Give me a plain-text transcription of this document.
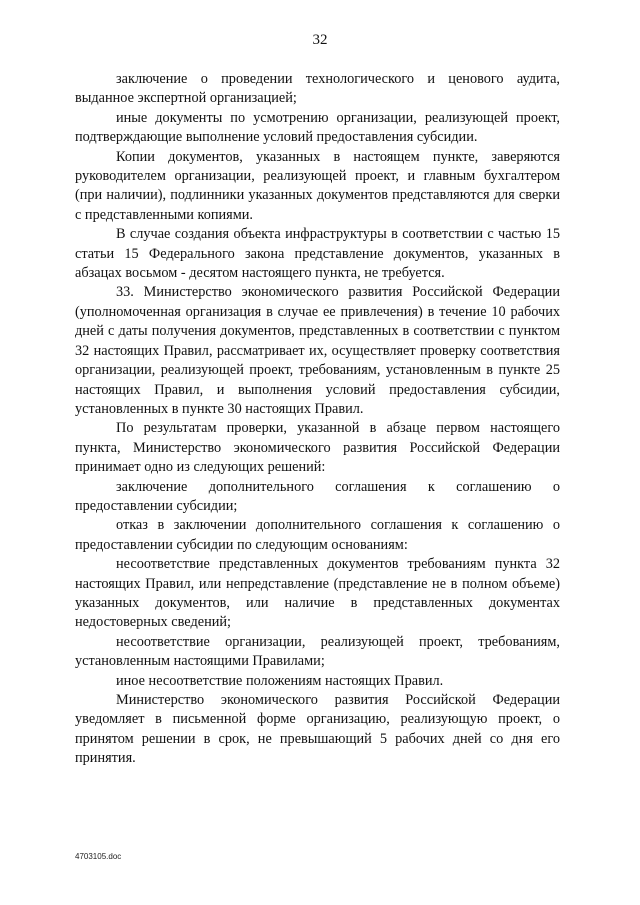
32

заключение о проведении технологического и ценового аудита, выданное экспертной организацией;

иные документы по усмотрению организации, реализующей проект, подтверждающие выполнение условий предоставления субсидии.

Копии документов, указанных в настоящем пункте, заверяются руководителем организации, реализующей проект, и главным бухгалтером (при наличии), подлинники указанных документов представляются для сверки с представленными копиями.

В случае создания объекта инфраструктуры в соответствии с частью 15 статьи 15 Федерального закона представление документов, указанных в абзацах восьмом - десятом настоящего пункта, не требуется.

33. Министерство экономического развития Российской Федерации (уполномоченная организация в случае ее привлечения) в течение 10 рабочих дней с даты получения документов, представленных в соответствии с пунктом 32 настоящих Правил, рассматривает их, осуществляет проверку соответствия организации, реализующей проект, требованиям, установленным в пункте 25 настоящих Правил, и выполнения условий предоставления субсидии, установленных в пункте 30 настоящих Правил.

По результатам проверки, указанной в абзаце первом настоящего пункта, Министерство экономического развития Российской Федерации принимает одно из следующих решений:

заключение дополнительного соглашения к соглашению о предоставлении субсидии;

отказ в заключении дополнительного соглашения к соглашению о предоставлении субсидии по следующим основаниям:

несоответствие представленных документов требованиям пункта 32 настоящих Правил, или непредставление (представление не в полном объеме) указанных документов, или наличие в представленных документах недостоверных сведений;

несоответствие организации, реализующей проект, требованиям, установленным настоящими Правилами;

иное несоответствие положениям настоящих Правил.

Министерство экономического развития Российской Федерации уведомляет в письменной форме организацию, реализующую проект, о принятом решении в срок, не превышающий 5 рабочих дней со дня его принятия.

4703105.doc
